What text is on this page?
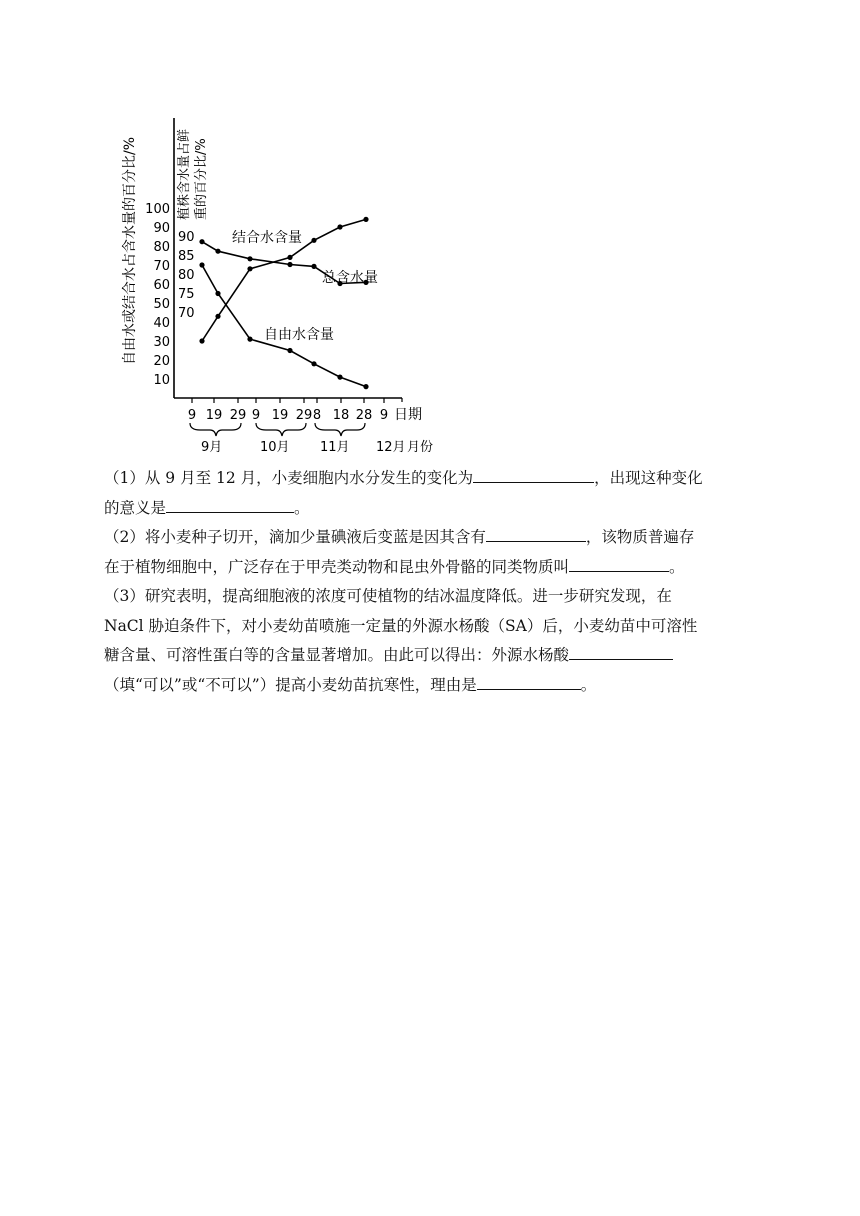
自由水或结合水占含水量的百分比/%	植株含水量占鲜 重的百分比/%
100
90
80
70
60
50
40
30
20
10
90
85
80
75
70
9 19 29 9 19 29 8 18 28 9
结合水含量
总含水量
自由水含量
日期
9月	10月 11月 12月 月份

（1）从 9 月至 12 月，小麦细胞内水分发生的变化为	，出现这种变化

的意义是	。

（2）将小麦种子切开，滴加少量碘液后变蓝是因其含有	，该物质普遍存

在于植物细胞中，广泛存在于甲壳类动物和昆虫外骨骼的同类物质叫	。

（3）研究表明，提高细胞液的浓度可使植物的结冰温度降低。进一步研究发现，在

NaCl 胁迫条件下，对小麦幼苗喷施一定量的外源水杨酸（SA）后，小麦幼苗中可溶性

糖含量、可溶性蛋白等的含量显著增加。由此可以得出：外源水杨酸

（填“可以”或“不可以”）提高小麦幼苗抗寒性，理由是	。
